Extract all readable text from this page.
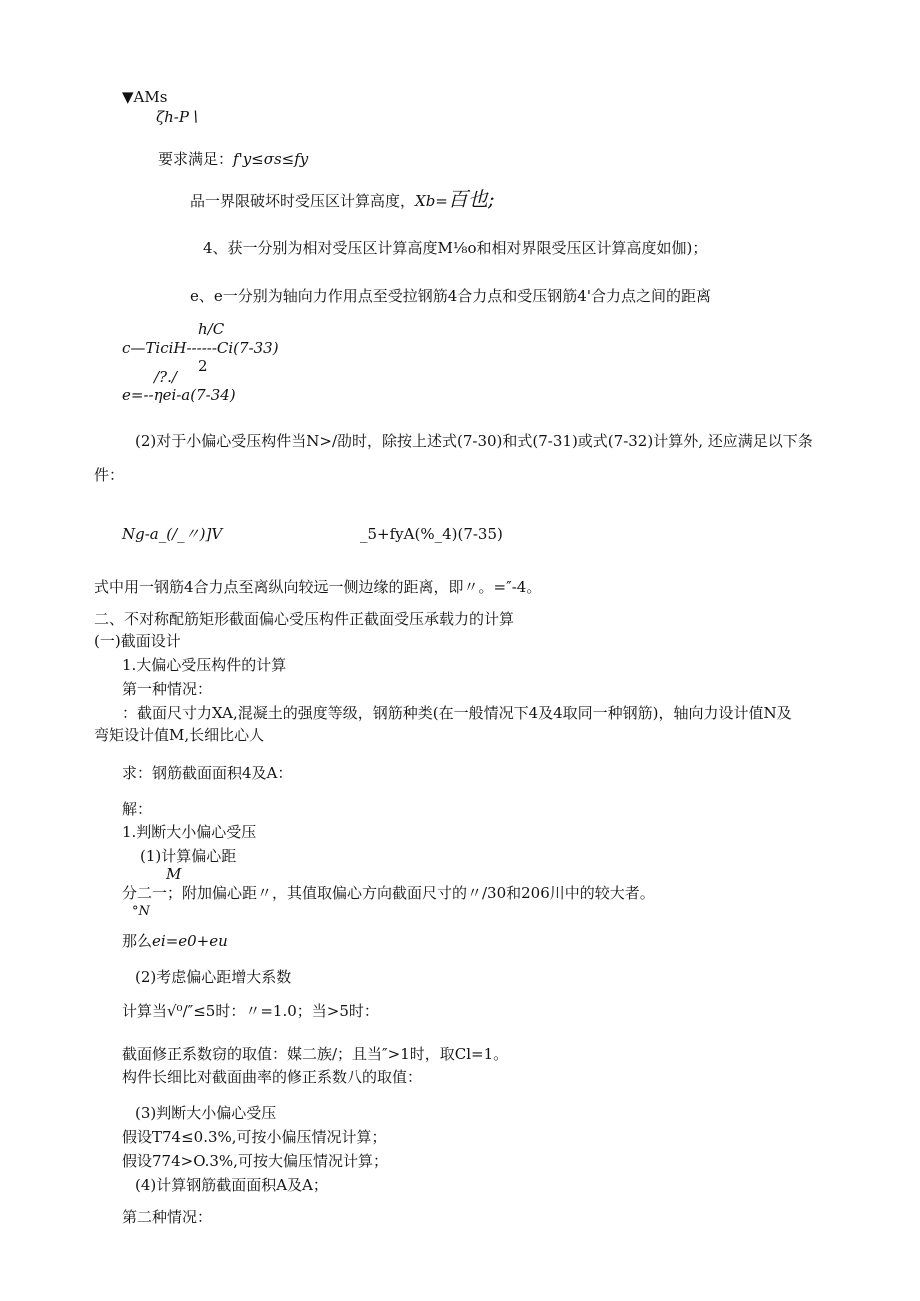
▼AMs
ζh-P∖
要求满足：f'y≤σs≤fy
品一界限破坏时受压区计算高度，Xb=百也;
4、获一分别为相对受压区计算高度M⅛o和相对界限受压区计算高度如伽)；
e、e一分别为轴向力作用点至受拉钢筋4合力点和受压钢筋4'合力点之间的距离
h/C
c—TiciH------Ci(7-33)
2
/?./
e=--ηei-a(7-34)
(2)对于小偏心受压构件当N>/劭时，除按上述式(7-30)和式(7-31)或式(7-32)计算外, 还应满足以下条
件：
Ng-a_(/_〃)]V	_5+fyA(%_4)(7-35)
式中用一钢筋4合力点至离纵向较远一侧边缘的距离，即〃。=″-4。
二、不对称配筋矩形截面偏心受压构件正截面受压承载力的计算
(一)截面设计
1.大偏心受压构件的计算
第一种情况：
：截面尺寸力XA,混凝土的强度等级，钢筋种类(在一般情况下4及4取同一种钢筋)，轴向力设计值N及
弯矩设计值M,长细比心人
求：钢筋截面面积4及A：
解：
1.判断大小偏心受压
(1)计算偏心距
M
分二一；附加偏心距〃，其值取偏心方向截面尺寸的〃/30和206川中的较大者。
°N
那么ei=e0+eu
(2)考虑偏心距增大系数
计算当√⁰/″≤5时：〃=1.0；当>5时：
截面修正系数窃的取值：媒二族/；且当″>1时，取Cl=1。
构件长细比对截面曲率的修正系数八的取值：
(3)判断大小偏心受压
假设T74≤0.3%,可按小偏压情况计算；
假设774>O.3%,可按大偏压情况计算；
(4)计算钢筋截面面积A及A；
第二种情况：
